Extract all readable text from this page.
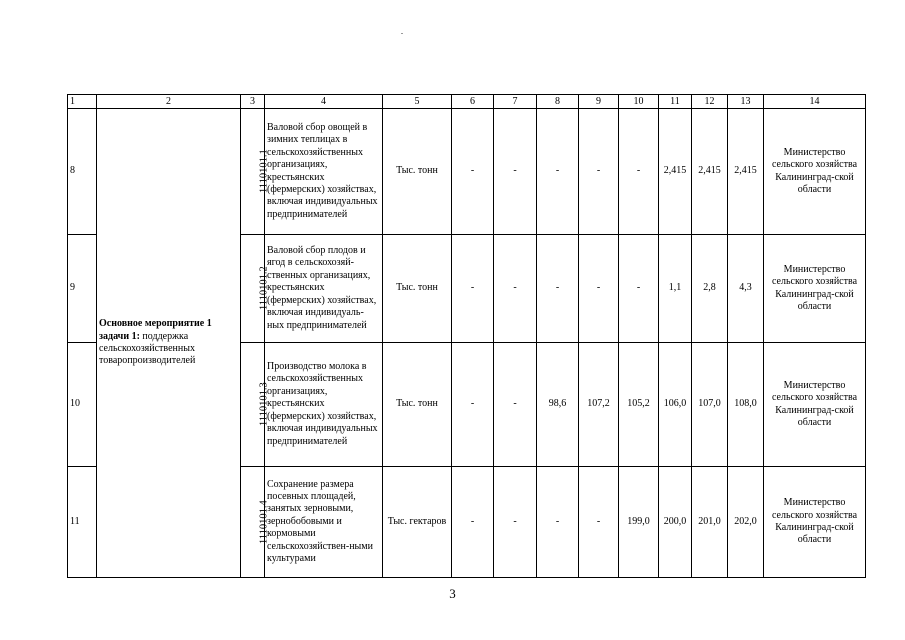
1	2	3	4	5	6	7	8	9	10	11	12	13	14
8	Основное мероприятие 1 задачи 1: поддержка сельскохозяйственных товаропроизводителей	1110101.1	Валовой сбор овощей в зимних теплицах в сельскохозяйственных организациях, крестьянских (фермерских) хозяйствах, включая индивидуальных предпринимателей	Тыс. тонн	-	-	-	-	-	2,415	2,415	2,415	Министерство сельского хозяйства Калининград-ской области
9		1110101.2	Валовой сбор плодов и ягод в сельскохозяй-ственных организациях, крестьянских (фермерских) хозяйствах, включая индивидуаль-ных предпринимателей	Тыс. тонн	-	-	-	-	-	1,1	2,8	4,3	Министерство сельского хозяйства Калининград-ской области
10		1110101.3	Производство молока в сельскохозяйственных организациях, крестьянских (фермерских) хозяйствах, включая индивидуальных предпринимателей	Тыс. тонн	-	-	98,6	107,2	105,2	106,0	107,0	108,0	Министерство сельского хозяйства Калининград-ской области
11		1110101.4	Сохранение размера посевных площадей, занятых зерновыми, зернобобовыми и кормовыми сельскохозяйствен-ными культурами	Тыс. гектаров	-	-	-	-	199,0	200,0	201,0	202,0	Министерство сельского хозяйства Калининград-ской области
3
